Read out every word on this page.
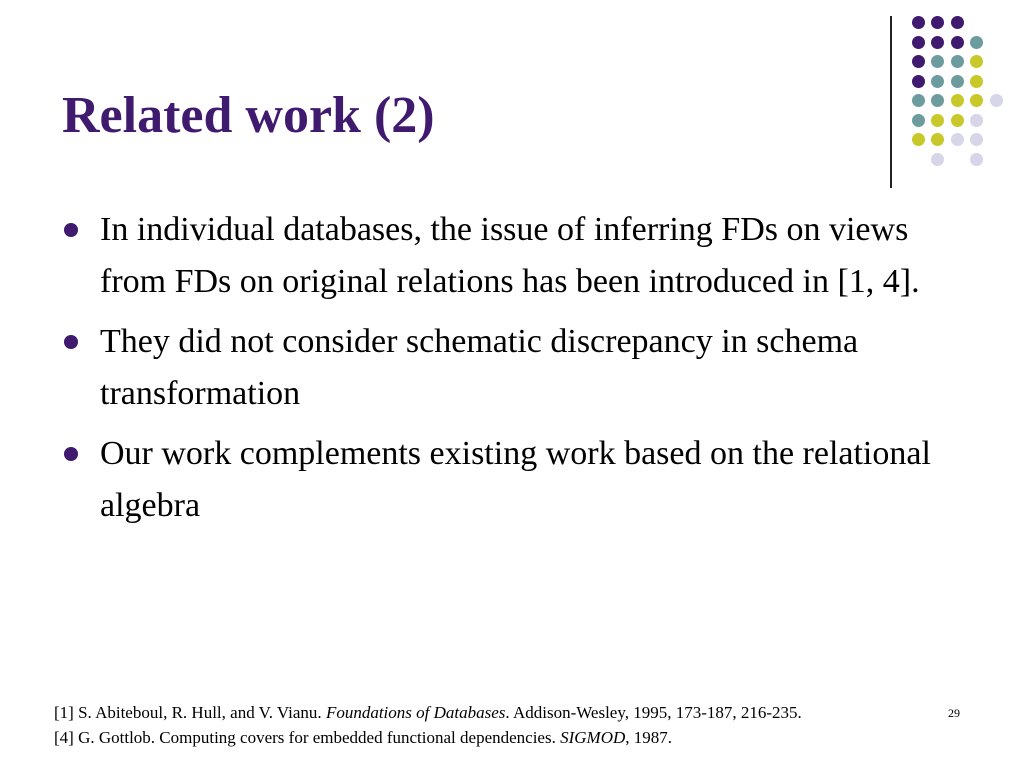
Related work (2)
In individual databases, the issue of inferring FDs on views from FDs on original relations has been introduced in [1, 4].
They did not consider schematic discrepancy in schema transformation
Our work complements existing work based on the relational algebra
[1] S. Abiteboul, R. Hull, and V. Vianu. Foundations of Databases. Addison-Wesley, 1995, 173-187, 216-235.
[4] G. Gottlob. Computing covers for embedded functional dependencies. SIGMOD, 1987.
29
